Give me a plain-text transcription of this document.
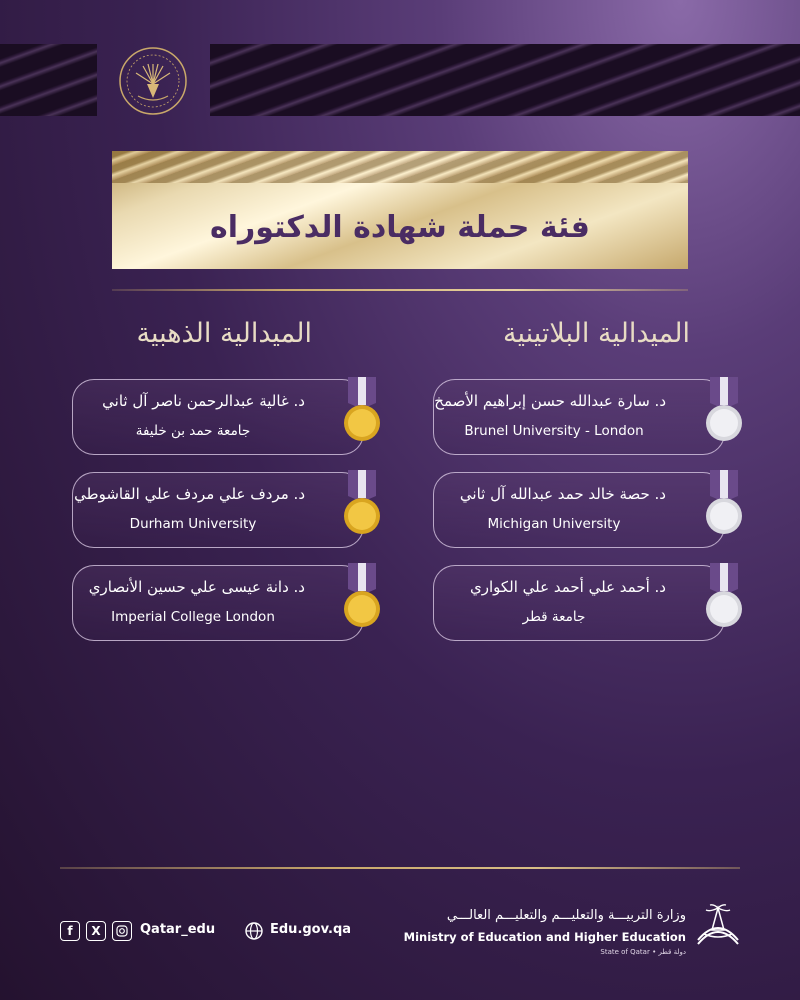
فئة حملة شهادة الدكتوراه
الميدالية البلاتينية
د. سارة عبدالله حسن إبراهيم الأصمخ
Brunel University - London
د. حصة خالد حمد عبدالله آل ثاني
Michigan University
د. أحمد علي أحمد علي الكواري
جامعة قطر
الميدالية الذهبية
د. غالية عبدالرحمن ناصر آل ثاني
جامعة حمد بن خليفة
د. مردف علي مردف علي القاشوطي
Durham University
د. دانة عيسى علي حسين الأنصاري
Imperial College London
f	X	Qatar_edu	Edu.gov.qa
وزارة التربيـــة والتعليـــم والتعليـــم العالـــي
Ministry of Education and Higher Education
State of Qatar • دولة قطر
